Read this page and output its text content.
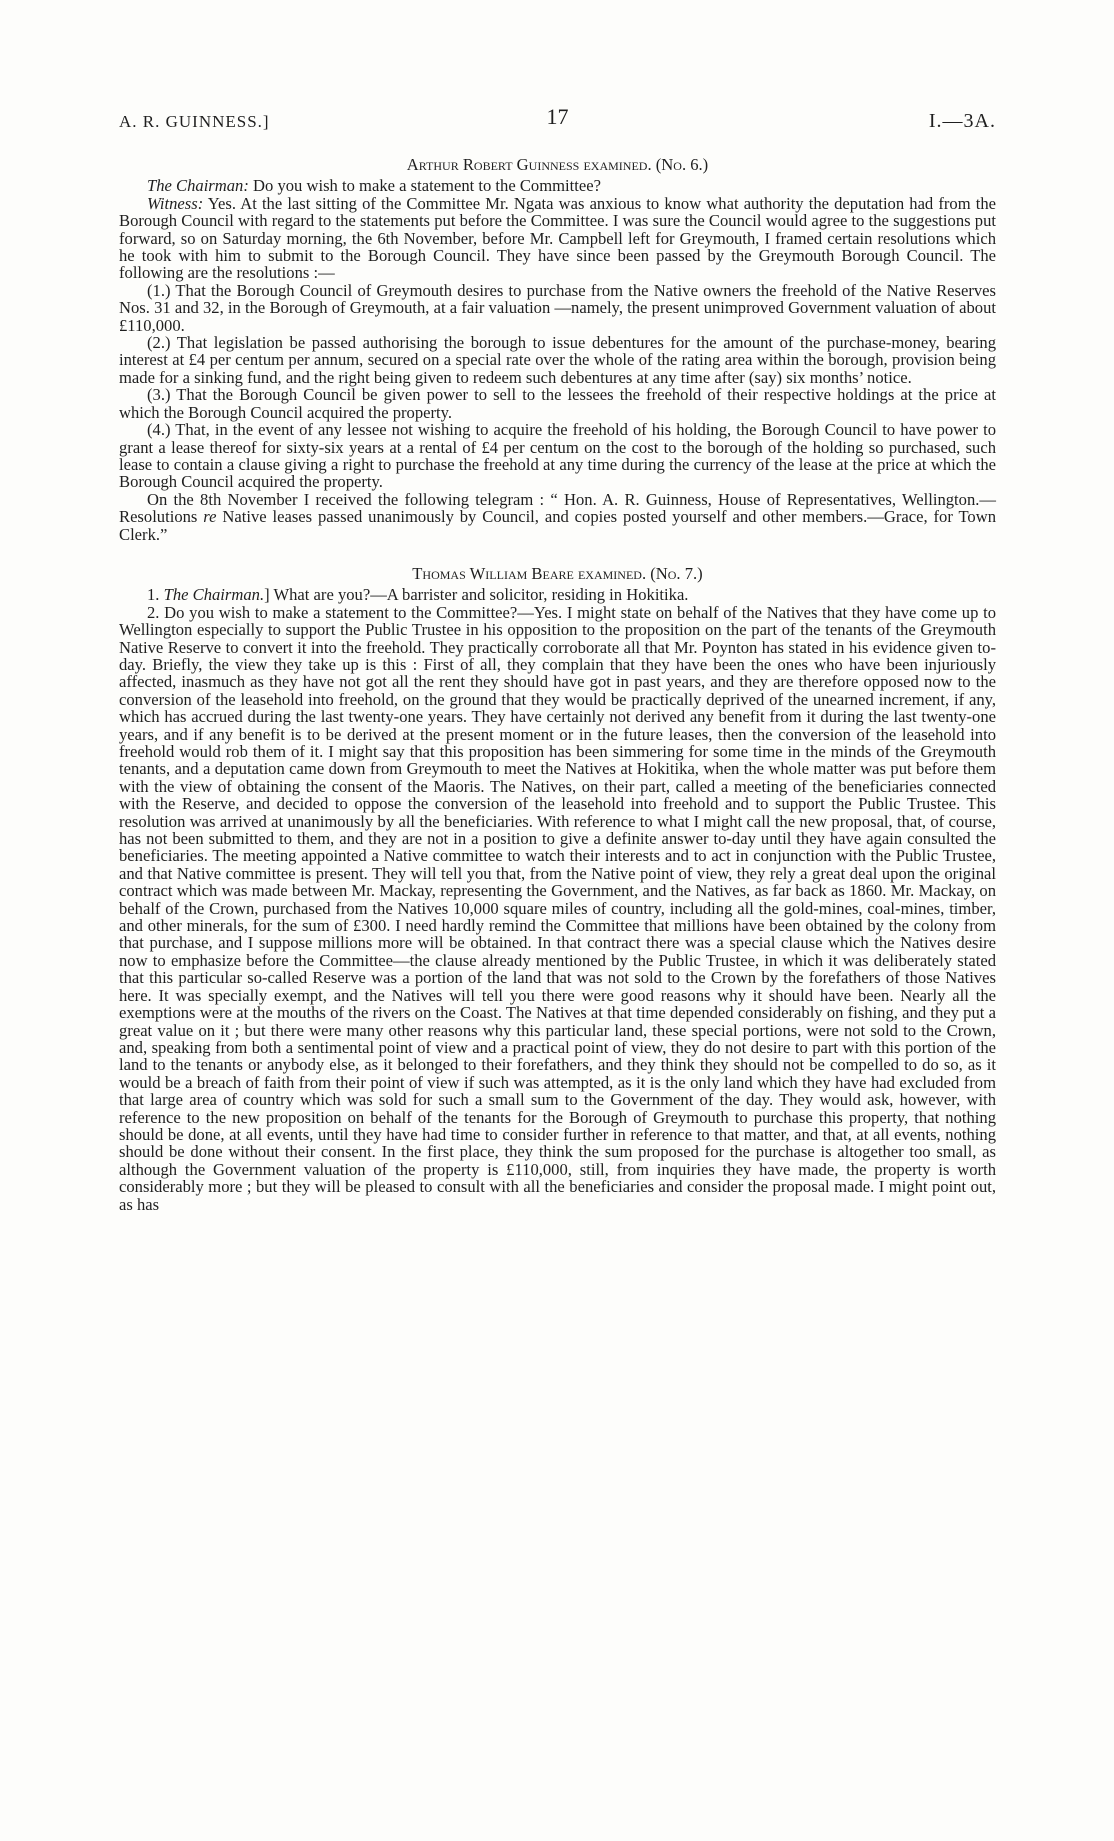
A. R. GUINNESS.]	17	I.—3A.

Arthur Robert Guinness examined. (No. 6.)

The Chairman: Do you wish to make a statement to the Committee?

Witness: Yes. At the last sitting of the Committee Mr. Ngata was anxious to know what authority the deputation had from the Borough Council with regard to the statements put before the Committee. I was sure the Council would agree to the suggestions put forward, so on Saturday morning, the 6th November, before Mr. Campbell left for Greymouth, I framed certain resolutions which he took with him to submit to the Borough Council. They have since been passed by the Greymouth Borough Council. The following are the resolutions :—

(1.) That the Borough Council of Greymouth desires to purchase from the Native owners the freehold of the Native Reserves Nos. 31 and 32, in the Borough of Greymouth, at a fair valuation —namely, the present unimproved Government valuation of about £110,000.

(2.) That legislation be passed authorising the borough to issue debentures for the amount of the purchase-money, bearing interest at £4 per centum per annum, secured on a special rate over the whole of the rating area within the borough, provision being made for a sinking fund, and the right being given to redeem such debentures at any time after (say) six months’ notice.

(3.) That the Borough Council be given power to sell to the lessees the freehold of their respective holdings at the price at which the Borough Council acquired the property.

(4.) That, in the event of any lessee not wishing to acquire the freehold of his holding, the Borough Council to have power to grant a lease thereof for sixty-six years at a rental of £4 per centum on the cost to the borough of the holding so purchased, such lease to contain a clause giving a right to purchase the freehold at any time during the currency of the lease at the price at which the Borough Council acquired the property.

On the 8th November I received the following telegram : “ Hon. A. R. Guinness, House of Representatives, Wellington.—Resolutions re Native leases passed unanimously by Council, and copies posted yourself and other members.—Grace, for Town Clerk.”

Thomas William Beare examined. (No. 7.)

1. The Chairman.] What are you?—A barrister and solicitor, residing in Hokitika.

2. Do you wish to make a statement to the Committee?—Yes. I might state on behalf of the Natives that they have come up to Wellington especially to support the Public Trustee in his opposition to the proposition on the part of the tenants of the Greymouth Native Reserve to convert it into the freehold. They practically corroborate all that Mr. Poynton has stated in his evidence given to-day. Briefly, the view they take up is this : First of all, they complain that they have been the ones who have been injuriously affected, inasmuch as they have not got all the rent they should have got in past years, and they are therefore opposed now to the conversion of the leasehold into freehold, on the ground that they would be practically deprived of the unearned increment, if any, which has accrued during the last twenty-one years. They have certainly not derived any benefit from it during the last twenty-one years, and if any benefit is to be derived at the present moment or in the future leases, then the conversion of the leasehold into freehold would rob them of it. I might say that this proposition has been simmering for some time in the minds of the Greymouth tenants, and a deputation came down from Greymouth to meet the Natives at Hokitika, when the whole matter was put before them with the view of obtaining the consent of the Maoris. The Natives, on their part, called a meeting of the beneficiaries connected with the Reserve, and decided to oppose the conversion of the leasehold into freehold and to support the Public Trustee. This resolution was arrived at unanimously by all the beneficiaries. With reference to what I might call the new proposal, that, of course, has not been submitted to them, and they are not in a position to give a definite answer to-day until they have again consulted the beneficiaries. The meeting appointed a Native committee to watch their interests and to act in conjunction with the Public Trustee, and that Native committee is present. They will tell you that, from the Native point of view, they rely a great deal upon the original contract which was made between Mr. Mackay, representing the Government, and the Natives, as far back as 1860. Mr. Mackay, on behalf of the Crown, purchased from the Natives 10,000 square miles of country, including all the gold-mines, coal-mines, timber, and other minerals, for the sum of £300. I need hardly remind the Committee that millions have been obtained by the colony from that purchase, and I suppose millions more will be obtained. In that contract there was a special clause which the Natives desire now to emphasize before the Committee—the clause already mentioned by the Public Trustee, in which it was deliberately stated that this particular so-called Reserve was a portion of the land that was not sold to the Crown by the forefathers of those Natives here. It was specially exempt, and the Natives will tell you there were good reasons why it should have been. Nearly all the exemptions were at the mouths of the rivers on the Coast. The Natives at that time depended considerably on fishing, and they put a great value on it ; but there were many other reasons why this particular land, these special portions, were not sold to the Crown, and, speaking from both a sentimental point of view and a practical point of view, they do not desire to part with this portion of the land to the tenants or anybody else, as it belonged to their forefathers, and they think they should not be compelled to do so, as it would be a breach of faith from their point of view if such was attempted, as it is the only land which they have had excluded from that large area of country which was sold for such a small sum to the Government of the day. They would ask, however, with reference to the new proposition on behalf of the tenants for the Borough of Greymouth to purchase this property, that nothing should be done, at all events, until they have had time to consider further in reference to that matter, and that, at all events, nothing should be done without their consent. In the first place, they think the sum proposed for the purchase is altogether too small, as although the Government valuation of the property is £110,000, still, from inquiries they have made, the property is worth considerably more ; but they will be pleased to consult with all the beneficiaries and consider the proposal made. I might point out, as has
